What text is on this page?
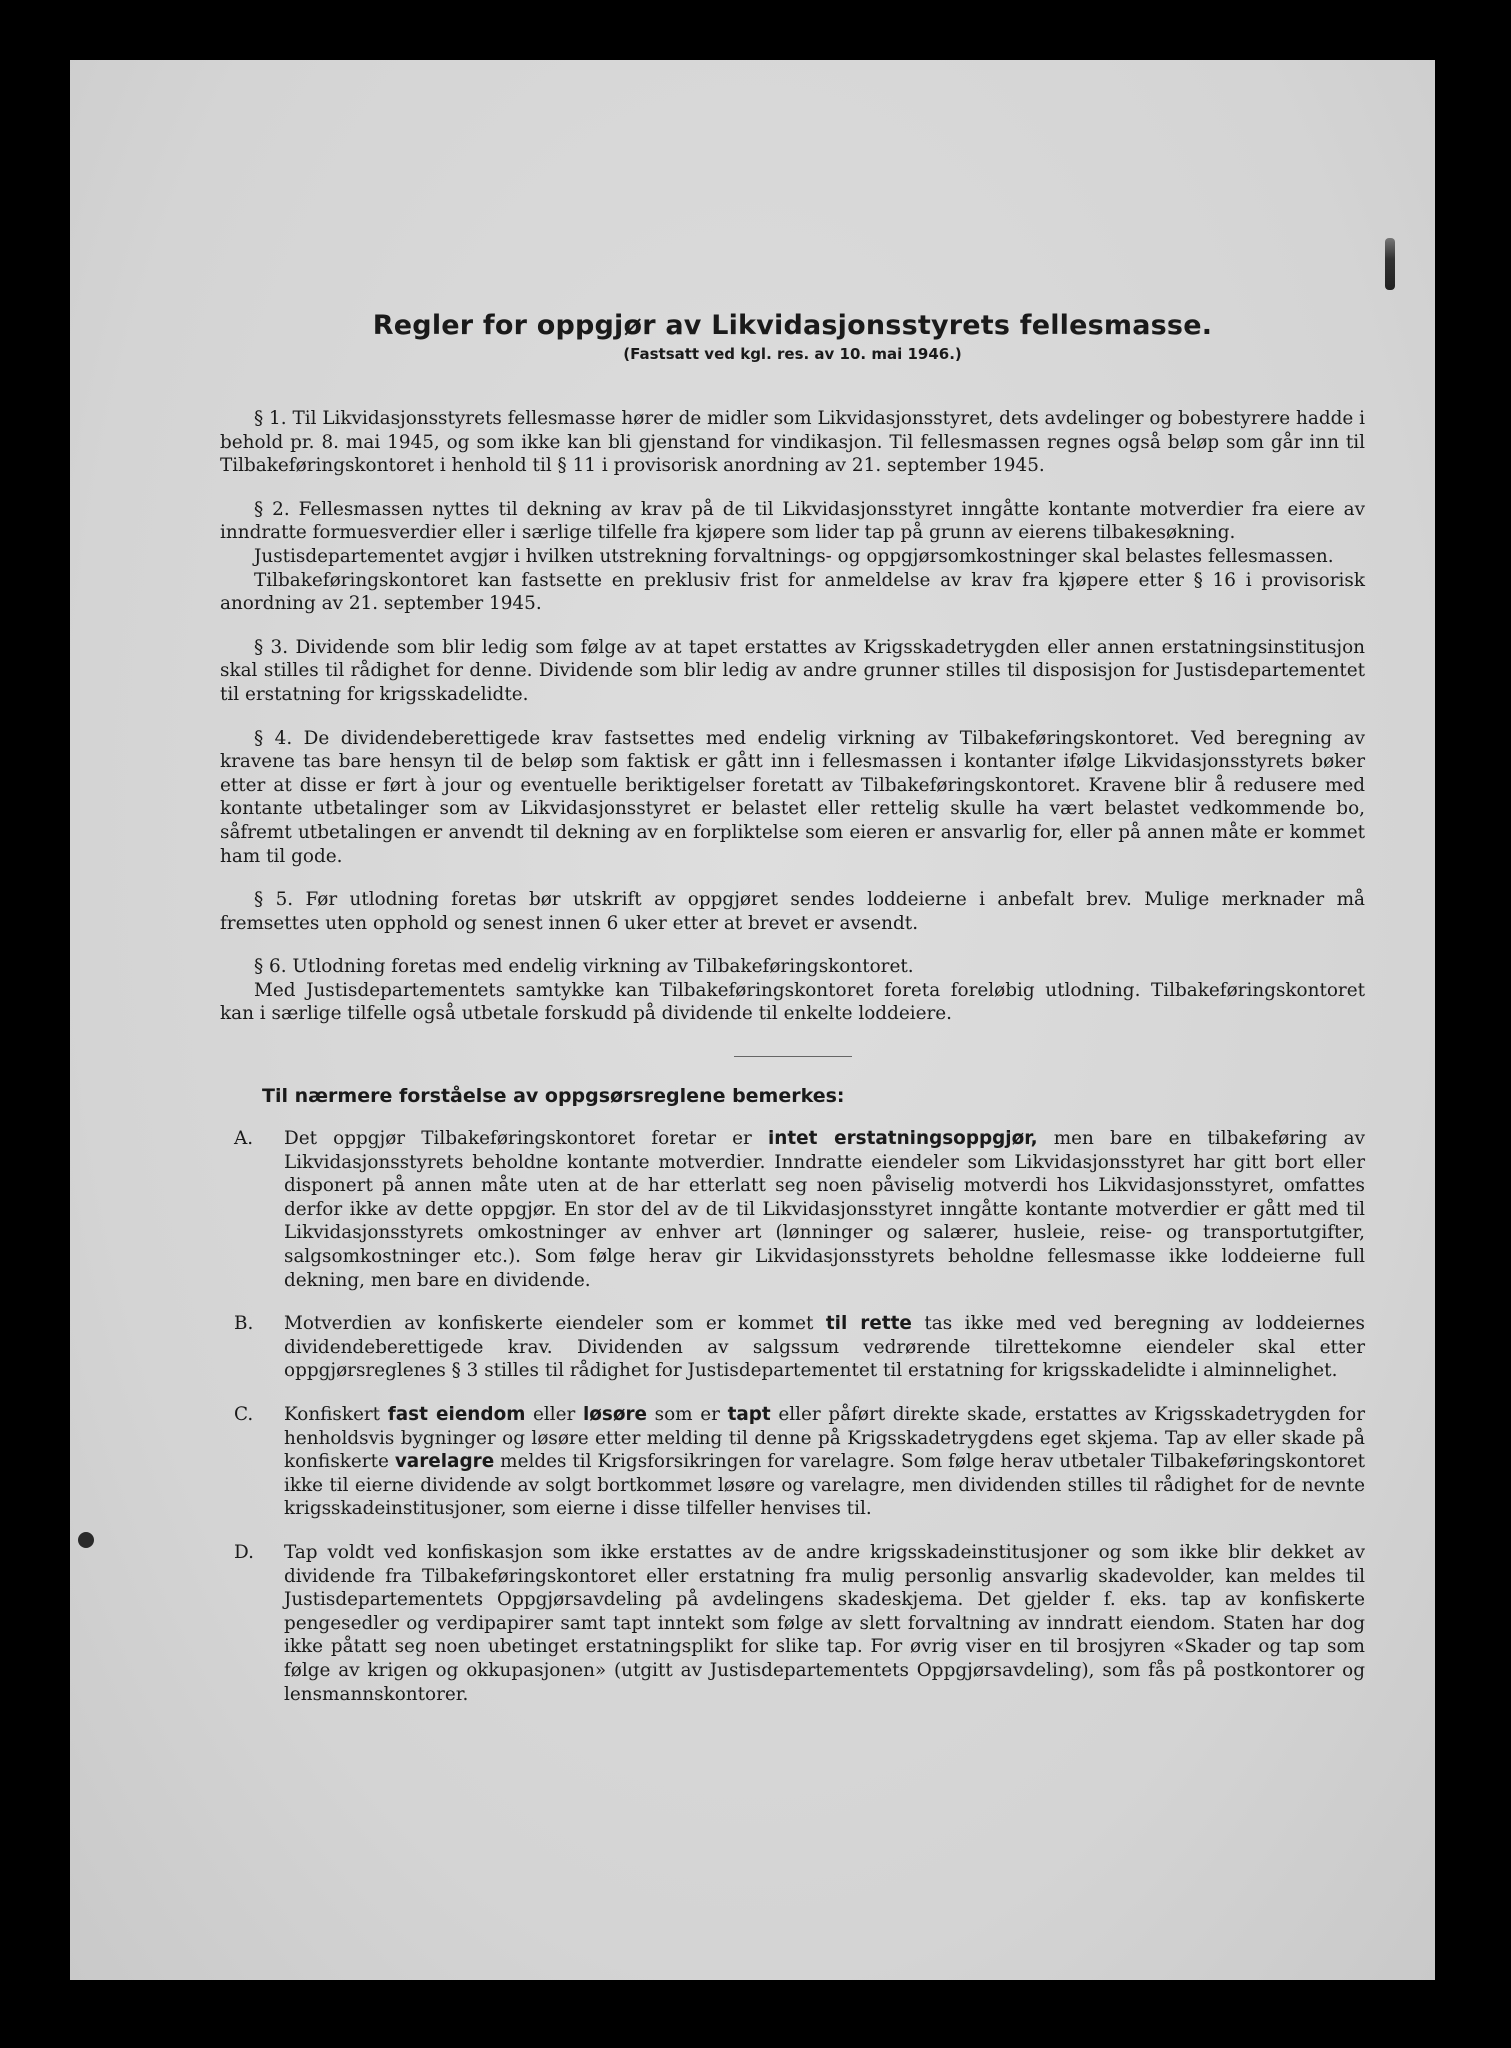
Regler for oppgjør av Likvidasjonsstyrets fellesmasse.
(Fastsatt ved kgl. res. av 10. mai 1946.)

§ 1. Til Likvidasjonsstyrets fellesmasse hører de midler som Likvidasjonsstyret, dets avdelinger og bobestyrere hadde i behold pr. 8. mai 1945, og som ikke kan bli gjenstand for vindikasjon. Til fellesmassen regnes også beløp som går inn til Tilbakeføringskontoret i henhold til § 11 i provisorisk anordning av 21. september 1945.

§ 2. Fellesmassen nyttes til dekning av krav på de til Likvidasjonsstyret inngåtte kontante motverdier fra eiere av inndratte formuesverdier eller i særlige tilfelle fra kjøpere som lider tap på grunn av eierens tilbakesøkning.

Justisdepartementet avgjør i hvilken utstrekning forvaltnings- og oppgjørsomkostninger skal belastes fellesmassen.

Tilbakeføringskontoret kan fastsette en preklusiv frist for anmeldelse av krav fra kjøpere etter § 16 i provisorisk anordning av 21. september 1945.

§ 3. Dividende som blir ledig som følge av at tapet erstattes av Krigsskadetrygden eller annen erstatningsinstitusjon skal stilles til rådighet for denne. Dividende som blir ledig av andre grunner stilles til disposisjon for Justisdepartementet til erstatning for krigsskadelidte.

§ 4. De dividendeberettigede krav fastsettes med endelig virkning av Tilbakeføringskontoret. Ved beregning av kravene tas bare hensyn til de beløp som faktisk er gått inn i fellesmassen i kontanter ifølge Likvidasjonsstyrets bøker etter at disse er ført à jour og eventuelle beriktigelser foretatt av Tilbakeføringskontoret. Kravene blir å redusere med kontante utbetalinger som av Likvidasjonsstyret er belastet eller rettelig skulle ha vært belastet vedkommende bo, såfremt utbetalingen er anvendt til dekning av en forpliktelse som eieren er ansvarlig for, eller på annen måte er kommet ham til gode.

§ 5. Før utlodning foretas bør utskrift av oppgjøret sendes loddeierne i anbefalt brev. Mulige merknader må fremsettes uten opphold og senest innen 6 uker etter at brevet er avsendt.

§ 6. Utlodning foretas med endelig virkning av Tilbakeføringskontoret.

Med Justisdepartementets samtykke kan Tilbakeføringskontoret foreta foreløbig utlodning. Tilbakeføringskontoret kan i særlige tilfelle også utbetale forskudd på dividende til enkelte loddeiere.

Til nærmere forståelse av oppgsørsreglene bemerkes:
A. Det oppgjør Tilbakeføringskontoret foretar er intet erstatningsoppgjør, men bare en tilbakeføring av Likvidasjonsstyrets beholdne kontante motverdier. Inndratte eiendeler som Likvidasjonsstyret har gitt bort eller disponert på annen måte uten at de har etterlatt seg noen påviselig motverdi hos Likvidasjonsstyret, omfattes derfor ikke av dette oppgjør. En stor del av de til Likvidasjonsstyret inngåtte kontante motverdier er gått med til Likvidasjonsstyrets omkostninger av enhver art (lønninger og salærer, husleie, reise- og transportutgifter, salgsomkostninger etc.). Som følge herav gir Likvidasjonsstyrets beholdne fellesmasse ikke loddeierne full dekning, men bare en dividende.
B. Motverdien av konfiskerte eiendeler som er kommet til rette tas ikke med ved beregning av loddeiernes dividendeberettigede krav. Dividenden av salgssum vedrørende tilrettekomne eiendeler skal etter oppgjørsreglenes § 3 stilles til rådighet for Justisdepartementet til erstatning for krigsskadelidte i alminnelighet.
C. Konfiskert fast eiendom eller løsøre som er tapt eller påført direkte skade, erstattes av Krigsskadetrygden for henholdsvis bygninger og løsøre etter melding til denne på Krigsskadetrygdens eget skjema. Tap av eller skade på konfiskerte varelagre meldes til Krigsforsikringen for varelagre. Som følge herav utbetaler Tilbakeføringskontoret ikke til eierne dividende av solgt bortkommet løsøre og varelagre, men dividenden stilles til rådighet for de nevnte krigsskadeinstitusjoner, som eierne i disse tilfeller henvises til.
D. Tap voldt ved konfiskasjon som ikke erstattes av de andre krigsskadeinstitusjoner og som ikke blir dekket av dividende fra Tilbakeføringskontoret eller erstatning fra mulig personlig ansvarlig skadevolder, kan meldes til Justisdepartementets Oppgjørsavdeling på avdelingens skadeskjema. Det gjelder f. eks. tap av konfiskerte pengesedler og verdipapirer samt tapt inntekt som følge av slett forvaltning av inndratt eiendom. Staten har dog ikke påtatt seg noen ubetinget erstatningsplikt for slike tap. For øvrig viser en til brosjyren «Skader og tap som følge av krigen og okkupasjonen» (utgitt av Justisdepartementets Oppgjørsavdeling), som fås på postkontorer og lensmannskontorer.
